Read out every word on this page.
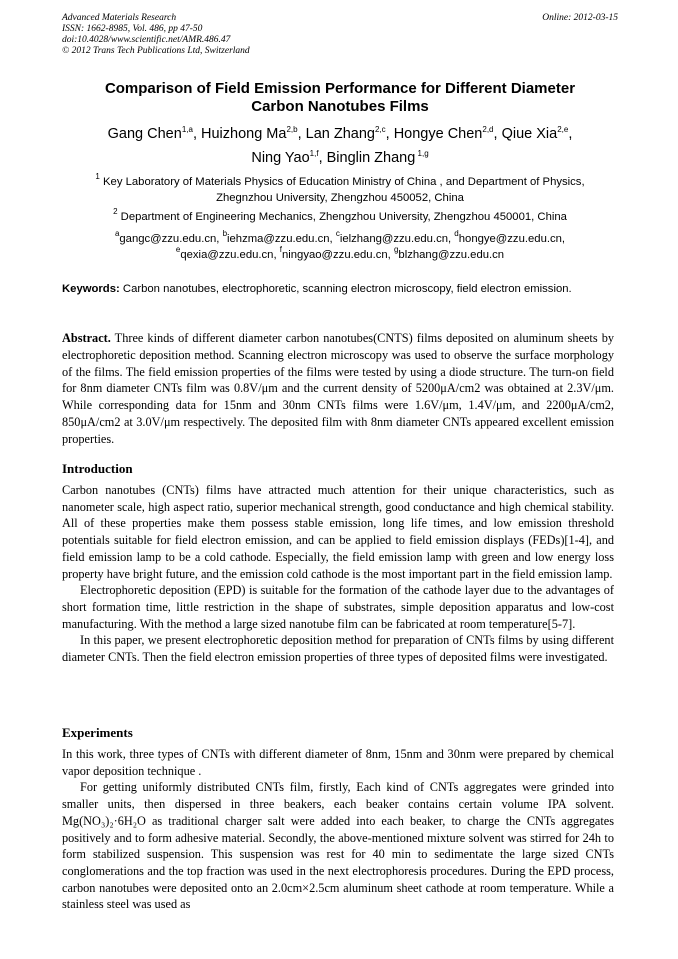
Advanced Materials Research
ISSN: 1662-8985, Vol. 486, pp 47-50
doi:10.4028/www.scientific.net/AMR.486.47
© 2012 Trans Tech Publications Ltd, Switzerland
Online: 2012-03-15
Comparison of Field Emission Performance for Different Diameter
Carbon Nanotubes Films
Gang Chen$^{1,a}$, Huizhong Ma$^{2,b}$, Lan Zhang$^{2,c}$, Hongye Chen$^{2,d}$, Qiue Xia$^{2,e}$,
Ning Yao$^{1,f}$, Binglin Zhang $^{1,g}$
$^1$ Key Laboratory of Materials Physics of Education Ministry of China , and Department of Physics,
Zhegnzhou University, Zhengzhou 450052, China
$^2$ Department of Engineering Mechanics, Zhengzhou University, Zhengzhou 450001, China
$^a$gangc@zzu.edu.cn, $^b$iehzma@zzu.edu.cn, $^c$ielzhang@zzu.edu.cn, $^d$hongye@zzu.edu.cn,
$^e$qexia@zzu.edu.cn, $^f$ningyao@zzu.edu.cn, $^g$blzhang@zzu.edu.cn
Keywords: Carbon nanotubes, electrophoretic, scanning electron microscopy, field electron emission.
Abstract. Three kinds of different diameter carbon nanotubes(CNTS) films deposited on aluminum sheets by electrophoretic deposition method. Scanning electron microscopy was used to observe the surface morphology of the films. The field emission properties of the films were tested by using a diode structure. The turn-on field for 8nm diameter CNTs film was 0.8V/μm and the current density of 5200μA/cm2 was obtained at 2.3V/μm. While corresponding data for 15nm and 30nm CNTs films were 1.6V/μm, 1.4V/μm, and 2200μA/cm2, 850μA/cm2 at 3.0V/μm respectively. The deposited film with 8nm diameter CNTs appeared excellent emission properties.
Introduction

Carbon nanotubes (CNTs) films have attracted much attention for their unique characteristics, such as nanometer scale, high aspect ratio, superior mechanical strength, good conductance and high chemical stability. All of these properties make them possess stable emission, long life times, and low emission threshold potentials suitable for field electron emission, and can be applied to field emission displays (FEDs)[1-4], and field emission lamp to be a cold cathode. Especially, the field emission lamp with green and low energy loss property have bright future, and the emission cold cathode is the most important part in the field emission lamp.

Electrophoretic deposition (EPD) is suitable for the formation of the cathode layer due to the advantages of short formation time, little restriction in the shape of substrates, simple deposition apparatus and low-cost manufacturing. With the method a large sized nanotube film can be fabricated at room temperature[5-7].

In this paper, we present electrophoretic deposition method for preparation of CNTs films by using different diameter CNTs. Then the field electron emission properties of three types of deposited films were investigated.

Experiments

In this work, three types of CNTs with different diameter of 8nm, 15nm and 30nm were prepared by chemical vapor deposition technique .

For getting uniformly distributed CNTs film, firstly, Each kind of CNTs aggregates were grinded into smaller units, then dispersed in three beakers, each beaker contains certain volume IPA solvent. Mg(NO₃)₂·6H₂O as traditional charger salt were added into each beaker, to charge the CNTs aggregates positively and to form adhesive material. Secondly, the above-mentioned mixture solvent was stirred for 24h to form stabilized suspension. This suspension was rest for 40 min to sedimentate the large sized CNTs conglomerations and the top fraction was used in the next electrophoresis procedures. During the EPD process, carbon nanotubes were deposited onto an 2.0cm×2.5cm aluminum sheet cathode at room temperature. While a stainless steel was used as
